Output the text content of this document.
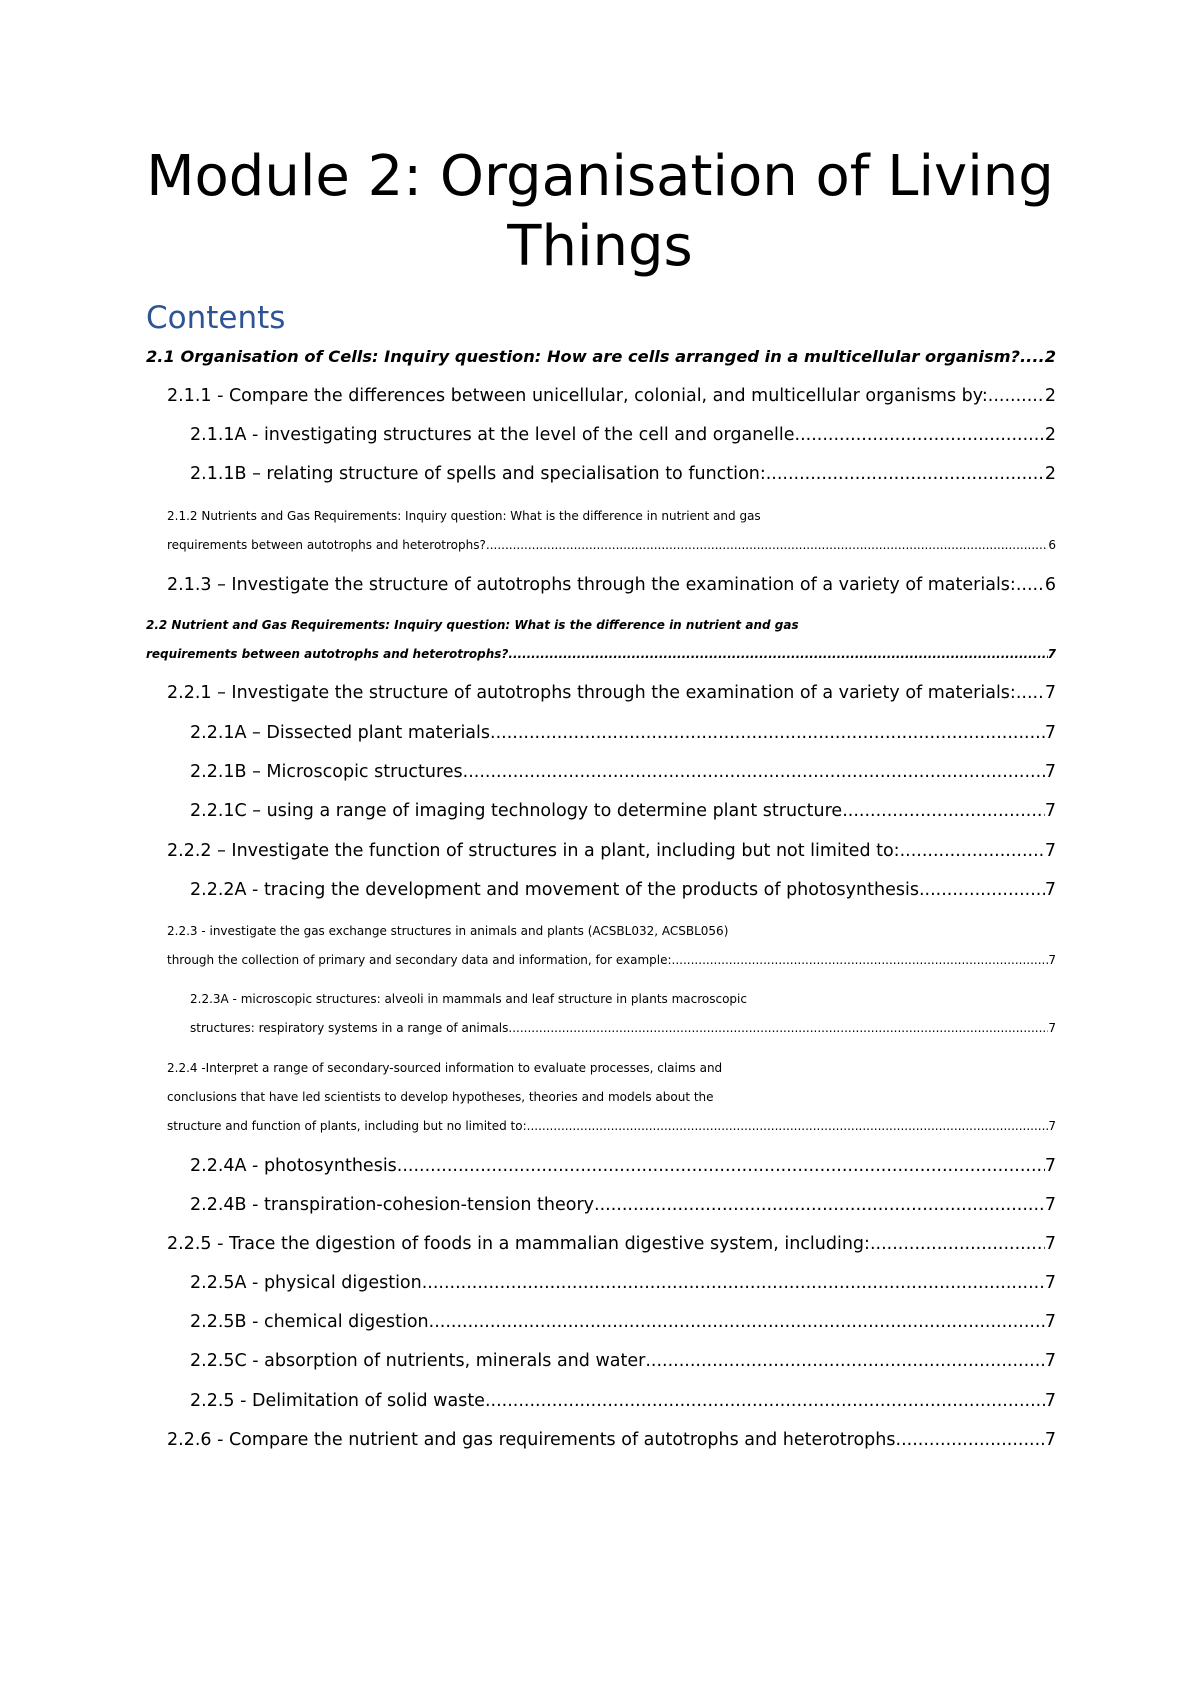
Module 2: Organisation of Living Things
Contents
2.1 Organisation of Cells: Inquiry question: How are cells arranged in a multicellular organism? ..... 2
2.1.1 - Compare the differences between unicellular, colonial, and multicellular organisms by: .....	2
2.1.1A - investigating structures at the level of the cell and organelle .....	2
2.1.1B – relating structure of spells and specialisation to function: .....	2
2.1.2 Nutrients and Gas Requirements: Inquiry question: What is the difference in nutrient and gas
requirements between autotrophs and heterotrophs? .....	6
2.1.3 – Investigate the structure of autotrophs through the examination of a variety of materials: ..... 6
2.2 Nutrient and Gas Requirements: Inquiry question: What is the difference in nutrient and gas
requirements between autotrophs and heterotrophs? .....	7
2.2.1 – Investigate the structure of autotrophs through the examination of a variety of materials: ..... 7
2.2.1A – Dissected plant materials .....	7
2.2.1B – Microscopic structures .....	7
2.2.1C – using a range of imaging technology to determine plant structure .....	7
2.2.2 – Investigate the function of structures in a plant, including but not limited to: .....	7
2.2.2A - tracing the development and movement of the products of photosynthesis .....	7
2.2.3 - investigate the gas exchange structures in animals and plants (ACSBL032, ACSBL056)
through the collection of primary and secondary data and information, for example: .....	7
2.2.3A - microscopic structures: alveoli in mammals and leaf structure in plants macroscopic
structures: respiratory systems in a range of animals .....	7
2.2.4 -Interpret a range of secondary-sourced information to evaluate processes, claims and
conclusions that have led scientists to develop hypotheses, theories and models about the
structure and function of plants, including but no limited to: .....	7
2.2.4A - photosynthesis .....	7
2.2.4B - transpiration-cohesion-tension theory .....	7
2.2.5 - Trace the digestion of foods in a mammalian digestive system, including: .....	7
2.2.5A - physical digestion .....	7
2.2.5B - chemical digestion .....	7
2.2.5C - absorption of nutrients, minerals and water .....	7
2.2.5 - Delimitation of solid waste .....	7
2.2.6 - Compare the nutrient and gas requirements of autotrophs and heterotrophs .....	7
